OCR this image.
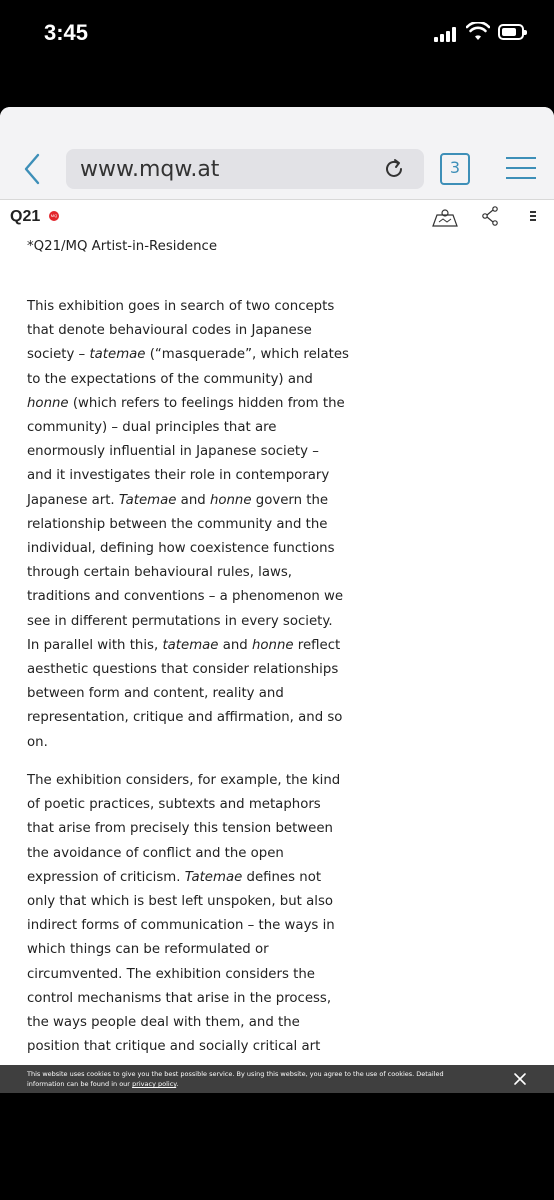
3:45
www.mqw.at	3
Q21	MQ
*Q21/MQ Artist-in-Residence

This exhibition goes in search of two concepts

that denote behavioural codes in Japanese

society – tatemae (“masquerade”, which relates

to the expectations of the community) and

honne (which refers to feelings hidden from the

community) – dual principles that are

enormously influential in Japanese society –

and it investigates their role in contemporary

Japanese art. Tatemae and honne govern the

relationship between the community and the

individual, defining how coexistence functions

through certain behavioural rules, laws,

traditions and conventions – a phenomenon we

see in different permutations in every society.

In parallel with this, tatemae and honne reflect

aesthetic questions that consider relationships

between form and content, reality and

representation, critique and affirmation, and so

on.

The exhibition considers, for example, the kind

of poetic practices, subtexts and metaphors

that arise from precisely this tension between

the avoidance of conflict and the open

expression of criticism. Tatemae defines not

only that which is best left unspoken, but also

indirect forms of communication – the ways in

which things can be reformulated or

circumvented. The exhibition considers the

control mechanisms that arise in the process,

the ways people deal with them, and the

position that critique and socially critical art

This website uses cookies to give you the best possible service. By using this website, you agree to the use of cookies. Detailed information can be found in our privacy policy.
